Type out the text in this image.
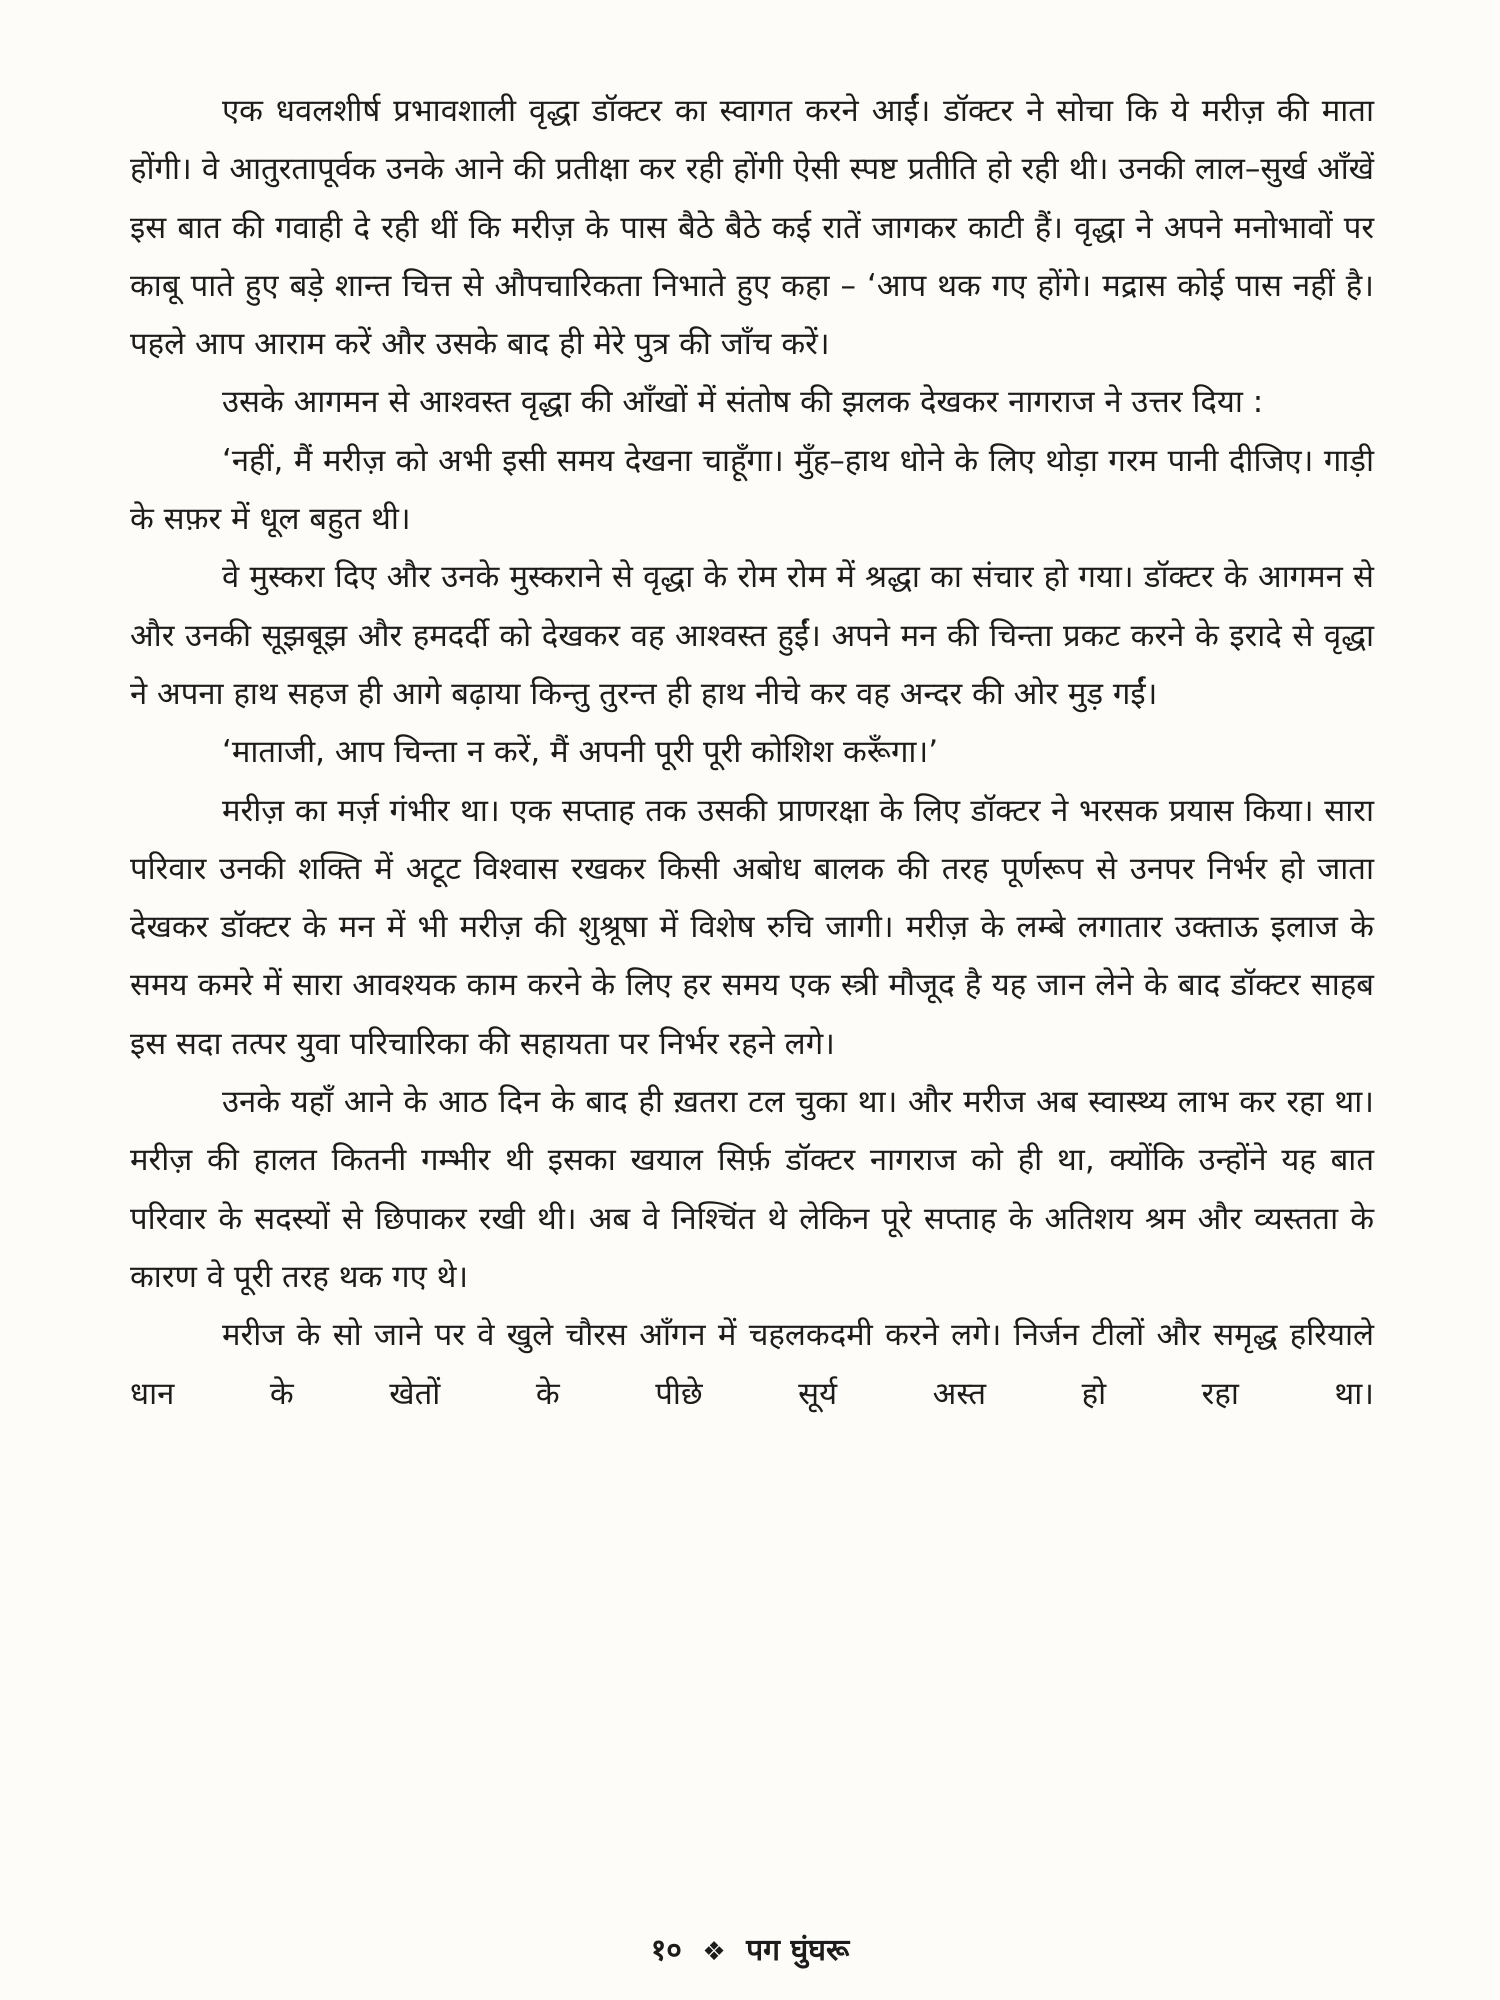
एक धवलशीर्ष प्रभावशाली वृद्धा डॉक्टर का स्वागत करने आईं। डॉक्टर ने सोचा कि ये मरीज़ की माता होंगी। वे आतुरतापूर्वक उनके आने की प्रतीक्षा कर रही होंगी ऐसी स्पष्ट प्रतीति हो रही थी। उनकी लाल–सुर्ख आँखें इस बात की गवाही दे रही थीं कि मरीज़ के पास बैठे बैठे कई रातें जागकर काटी हैं। वृद्धा ने अपने मनोभावों पर काबू पाते हुए बड़े शान्त चित्त से औपचारिकता निभाते हुए कहा – ‘आप थक गए होंगे। मद्रास कोई पास नहीं है। पहले आप आराम करें और उसके बाद ही मेरे पुत्र की जाँच करें।

उसके आगमन से आश्वस्त वृद्धा की आँखों में संतोष की झलक देखकर नागराज ने उत्तर दिया :

‘नहीं, मैं मरीज़ को अभी इसी समय देखना चाहूँगा। मुँह–हाथ धोने के लिए थोड़ा गरम पानी दीजिए। गाड़ी के सफ़र में धूल बहुत थी।

वे मुस्करा दिए और उनके मुस्कराने से वृद्धा के रोम रोम में श्रद्धा का संचार हो गया। डॉक्टर के आगमन से और उनकी सूझबूझ और हमदर्दी को देखकर वह आश्वस्त हुईं। अपने मन की चिन्ता प्रकट करने के इरादे से वृद्धा ने अपना हाथ सहज ही आगे बढ़ाया किन्तु तुरन्त ही हाथ नीचे कर वह अन्दर की ओर मुड़ गईं।

‘माताजी, आप चिन्ता न करें, मैं अपनी पूरी पूरी कोशिश करूँगा।’

मरीज़ का मर्ज़ गंभीर था। एक सप्ताह तक उसकी प्राणरक्षा के लिए डॉक्टर ने भरसक प्रयास किया। सारा परिवार उनकी शक्ति में अटूट विश्वास रखकर किसी अबोध बालक की तरह पूर्णरूप से उनपर निर्भर हो जाता देखकर डॉक्टर के मन में भी मरीज़ की शुश्रूषा में विशेष रुचि जागी। मरीज़ के लम्बे लगातार उक्ताऊ इलाज के समय कमरे में सारा आवश्यक काम करने के लिए हर समय एक स्त्री मौजूद है यह जान लेने के बाद डॉक्टर साहब इस सदा तत्पर युवा परिचारिका की सहायता पर निर्भर रहने लगे।

उनके यहाँ आने के आठ दिन के बाद ही ख़तरा टल चुका था। और मरीज अब स्वास्थ्य लाभ कर रहा था। मरीज़ की हालत कितनी गम्भीर थी इसका खयाल सिर्फ़ डॉक्टर नागराज को ही था, क्योंकि उन्होंने यह बात परिवार के सदस्यों से छिपाकर रखी थी। अब वे निश्चिंत थे लेकिन पूरे सप्ताह के अतिशय श्रम और व्यस्तता के कारण वे पूरी तरह थक गए थे।

मरीज के सो जाने पर वे खुले चौरस आँगन में चहलकदमी करने लगे। निर्जन टीलों और समृद्ध हरियाले धान के खेतों के पीछे सूर्य अस्त हो रहा था।

१० ❖ पग घुंघरू
